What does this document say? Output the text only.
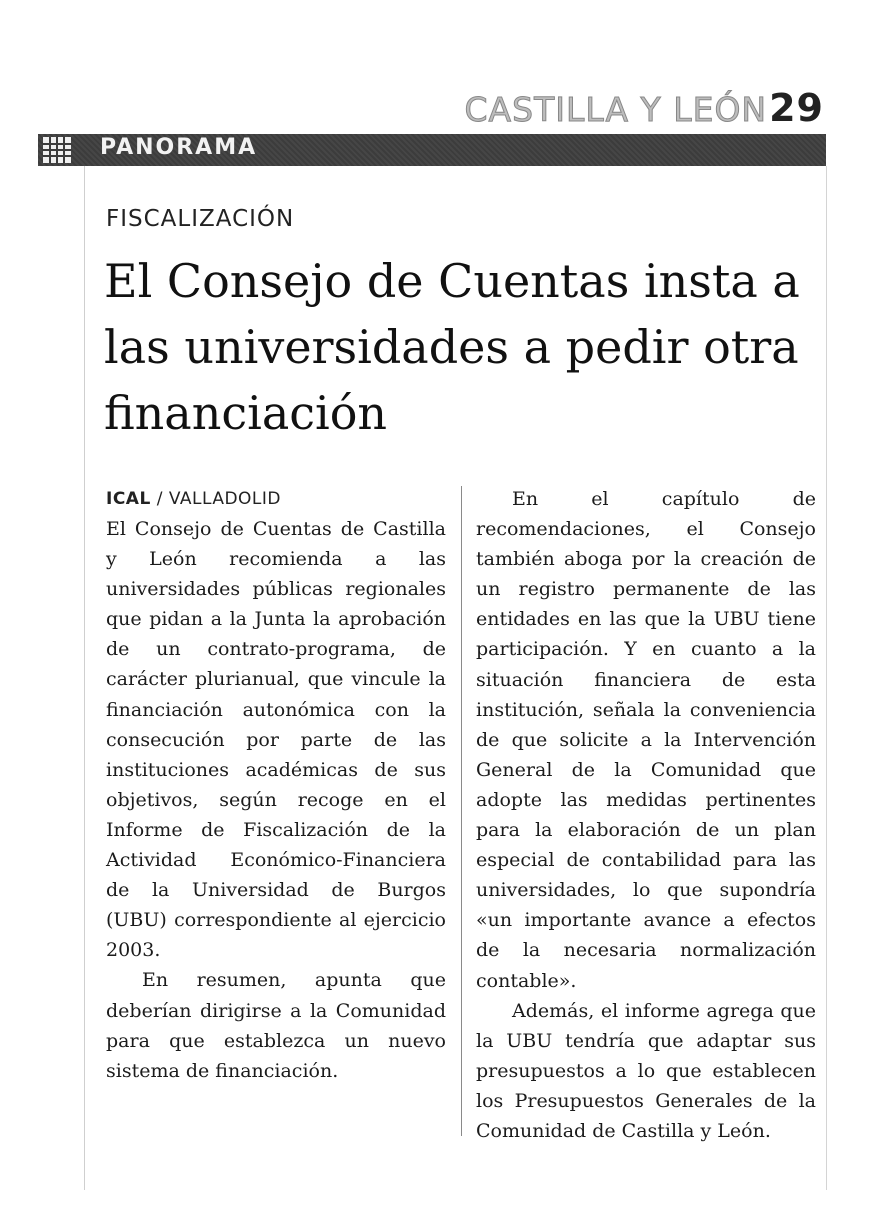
CASTILLA Y LEÓN29
PANORAMA
FISCALIZACIÓN
El Consejo de Cuentas insta a las universidades a pedir otra financiación
ICAL / VALLADOLID

El Consejo de Cuentas de Castilla y León recomienda a las universidades públicas regionales que pidan a la Junta la aprobación de un contrato-programa, de carácter plurianual, que vincule la financiación autonómica con la consecución por parte de las instituciones académicas de sus objetivos, según recoge en el Informe de Fiscalización de la Actividad Económico-Financiera de la Universidad de Burgos (UBU) correspondiente al ejercicio 2003.

En resumen, apunta que deberían dirigirse a la Comunidad para que establezca un nuevo sistema de financiación.

En el capítulo de recomendaciones, el Consejo también aboga por la creación de un registro permanente de las entidades en las que la UBU tiene participación. Y en cuanto a la situación financiera de esta institución, señala la conveniencia de que solicite a la Intervención General de la Comunidad que adopte las medidas pertinentes para la elaboración de un plan especial de contabilidad para las universidades, lo que supondría «un importante avance a efectos de la necesaria normalización contable».

Además, el informe agrega que la UBU tendría que adaptar sus presupuestos a lo que establecen los Presupuestos Generales de la Comunidad de Castilla y León.
